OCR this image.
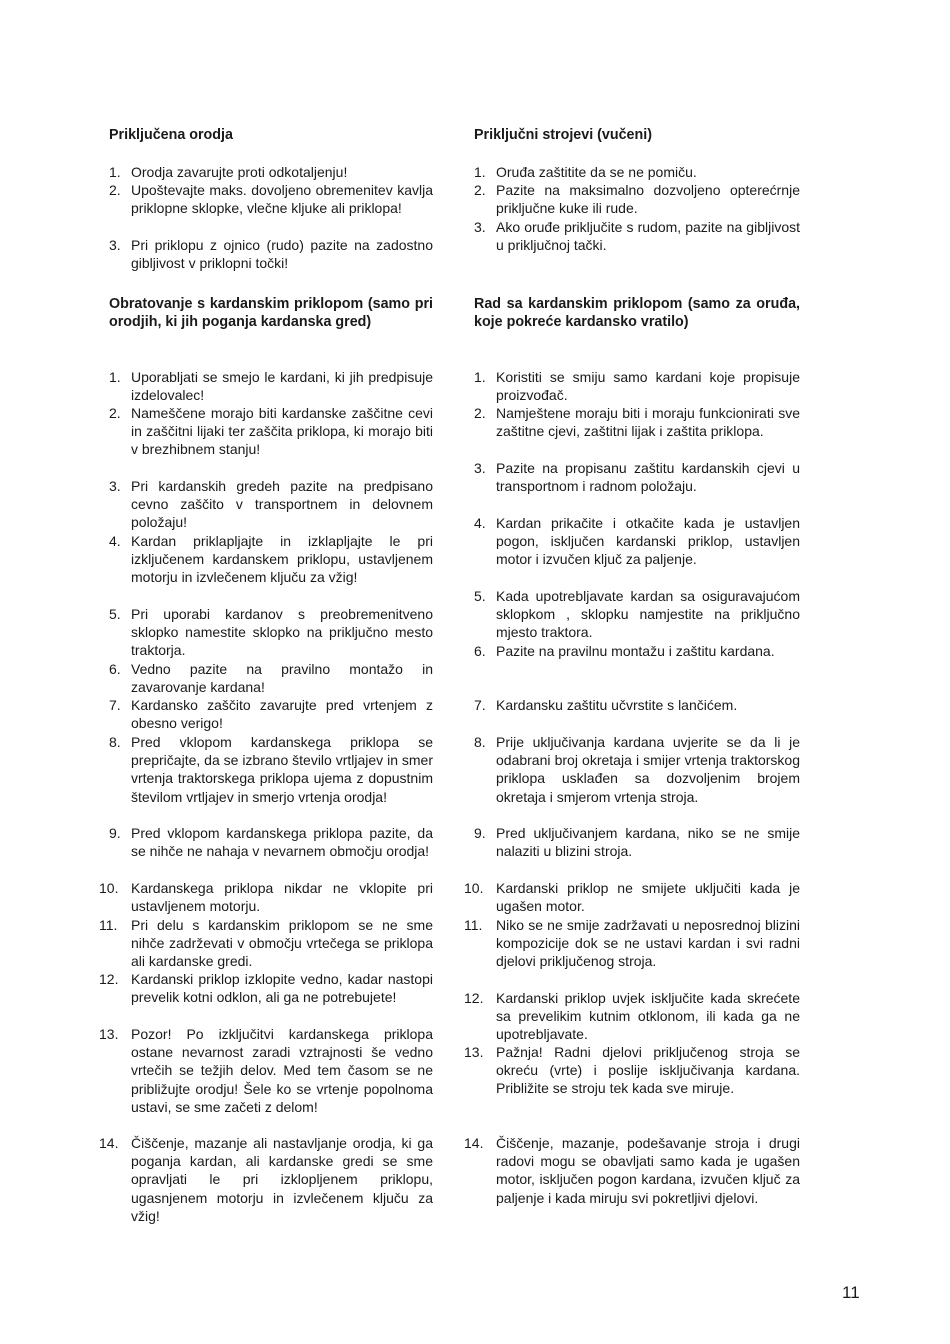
Priključena orodja
1. Orodja zavarujte proti odkotaljenju!
2. Upoštevajte maks. dovoljeno obremenitev kavlja priklopne sklopke, vlečne kljuke ali priklopa!
3. Pri priklopu z ojnico (rudo) pazite na zadostno gibljivost v priklopni točki!
Obratovanje s kardanskim priklopom (samo pri orodjih, ki jih poganja kardanska gred)
1. Uporabljati se smejo le kardani, ki jih predpisuje izdelovalec!
2. Nameščene morajo biti kardanske zaščitne cevi in zaščitni lijaki ter zaščita priklopa, ki morajo biti v brezhibnem stanju!
3. Pri kardanskih gredeh pazite na predpisano cevno zaščito v transportnem in delovnem položaju!
4. Kardan priklapljajte in izklapljajte le pri izključenem kardanskem priklopu, ustavljenem motorju in izvlečenem ključu za vžig!
5. Pri uporabi kardanov s preobremenitveno sklopko namestite sklopko na priključno mesto traktorja.
6. Vedno pazite na pravilno montažo in zavarovanje kardana!
7. Kardansko zaščito zavarujte pred vrtenjem z obesno verigo!
8. Pred vklopom kardanskega priklopa se prepričajte, da se izbrano število vrtljajev in smer vrtenja traktorskega priklopa ujema z dopustnim številom vrtljajev in smerjo vrtenja orodja!
9. Pred vklopom kardanskega priklopa pazite, da se nihče ne nahaja v nevarnem območju orodja!
10. Kardanskega priklopa nikdar ne vklopite pri ustavljenem motorju.
11. Pri delu s kardanskim priklopom se ne sme nihče zadrževati v območju vrtečega se priklopa ali kardanske gredi.
12. Kardanski priklop izklopite vedno, kadar nastopi prevelik kotni odklon, ali ga ne potrebujete!
13. Pozor! Po izključitvi kardanskega priklopa ostane nevarnost zaradi vztrajnosti še vedno vrtečih se težjih delov. Med tem časom se ne približujte orodju! Šele ko se vrtenje popolnoma ustavi, se sme začeti z delom!
14. Čiščenje, mazanje ali nastavljanje orodja, ki ga poganja kardan, ali kardanske gredi se sme opravljati le pri izklopljenem priklopu, ugasnjenem motorju in izvlečenem ključu za vžig!
Priključni strojevi (vučeni)
1. Oruđa zaštitite da se ne pomiču.
2. Pazite na maksimalno dozvoljeno opterećrnje priključne kuke ili rude.
3. Ako oruđe priključite s rudom, pazite na gibljivost u priključnoj tački.
Rad sa kardanskim priklopom (samo za oruđa, koje pokreće kardansko vratilo)
1. Koristiti se smiju samo kardani koje propisuje proizvođač.
2. Namještene moraju biti i moraju funkcionirati sve zaštitne cjevi, zaštitni lijak i zaštita priklopa.
3. Pazite na propisanu zaštitu kardanskih cjevi u transportnom i radnom položaju.
4. Kardan prikačite i otkačite kada je ustavljen pogon, isključen kardanski priklop, ustavljen motor i izvučen ključ za paljenje.
5. Kada upotrebljavate kardan sa osiguravajućom sklopkom , sklopku namjestite na priključno mjesto traktora.
6. Pazite na pravilnu montažu i zaštitu kardana.
7. Kardansku zaštitu učvrstite s lančićem.
8. Prije uključivanja kardana uvjerite se da li je odabrani broj okretaja i smijer vrtenja traktorskog priklopa usklađen sa dozvoljenim brojem okretaja i smjerom vrtenja stroja.
9. Pred uključivanjem kardana, niko se ne smije nalaziti u blizini stroja.
10. Kardanski priklop ne smijete uključiti kada je ugašen motor.
11. Niko se ne smije zadržavati u neposrednoj blizini kompozicije dok se ne ustavi kardan i svi radni djelovi priključenog stroja.
12. Kardanski priklop uvjek isključite kada skrećete sa prevelikim kutnim otklonom, ili kada ga ne upotrebljavate.
13. Pažnja! Radni djelovi priključenog stroja se okreću (vrte) i poslije isključivanja kardana. Približite se stroju tek kada sve miruje.
14. Čiščenje, mazanje, podešavanje stroja i drugi radovi mogu se obavljati samo kada je ugašen motor, isključen pogon kardana, izvučen ključ za paljenje i kada miruju svi pokretljivi djelovi.
11
